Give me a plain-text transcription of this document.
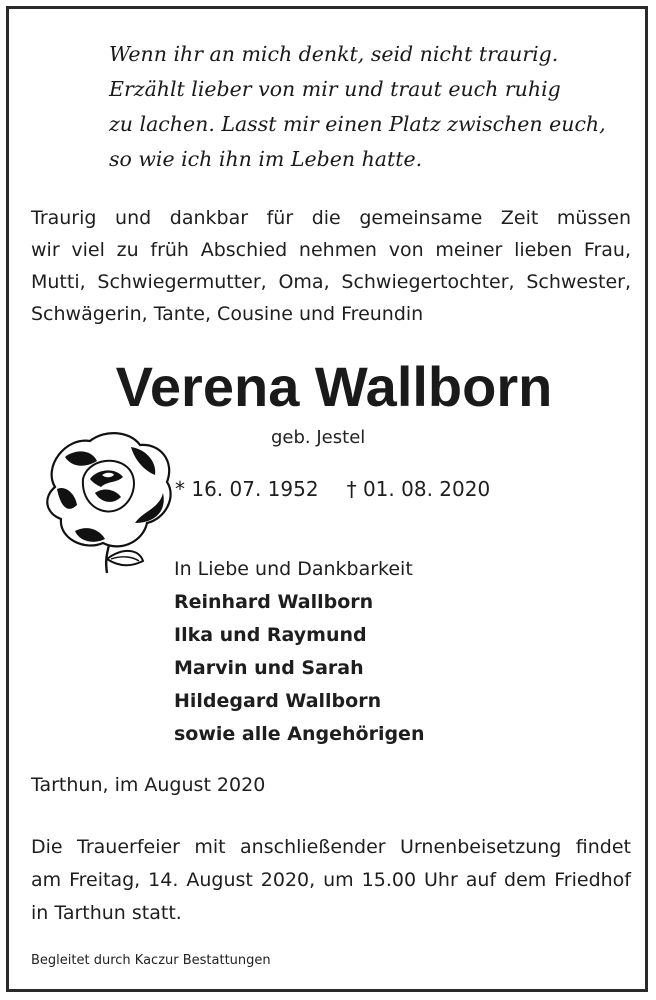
Wenn ihr an mich denkt, seid nicht traurig.
Erzählt lieber von mir und traut euch ruhig
zu lachen. Lasst mir einen Platz zwischen euch,
so wie ich ihn im Leben hatte.
Traurig und dankbar für die gemeinsame Zeit müssen
wir viel zu früh Abschied nehmen von meiner lieben Frau,
Mutti, Schwiegermutter, Oma, Schwiegertochter, Schwester,
Schwägerin, Tante, Cousine und Freundin
Verena Wallborn
geb. Jestel
* 16. 07. 1952 † 01. 08. 2020
In Liebe und Dankbarkeit
Reinhard Wallborn
Ilka und Raymund
Marvin und Sarah
Hildegard Wallborn
sowie alle Angehörigen
Tarthun, im August 2020
Die Trauerfeier mit anschließender Urnenbeisetzung findet
am Freitag, 14. August 2020, um 15.00 Uhr auf dem Friedhof
in Tarthun statt.
Begleitet durch Kaczur Bestattungen
